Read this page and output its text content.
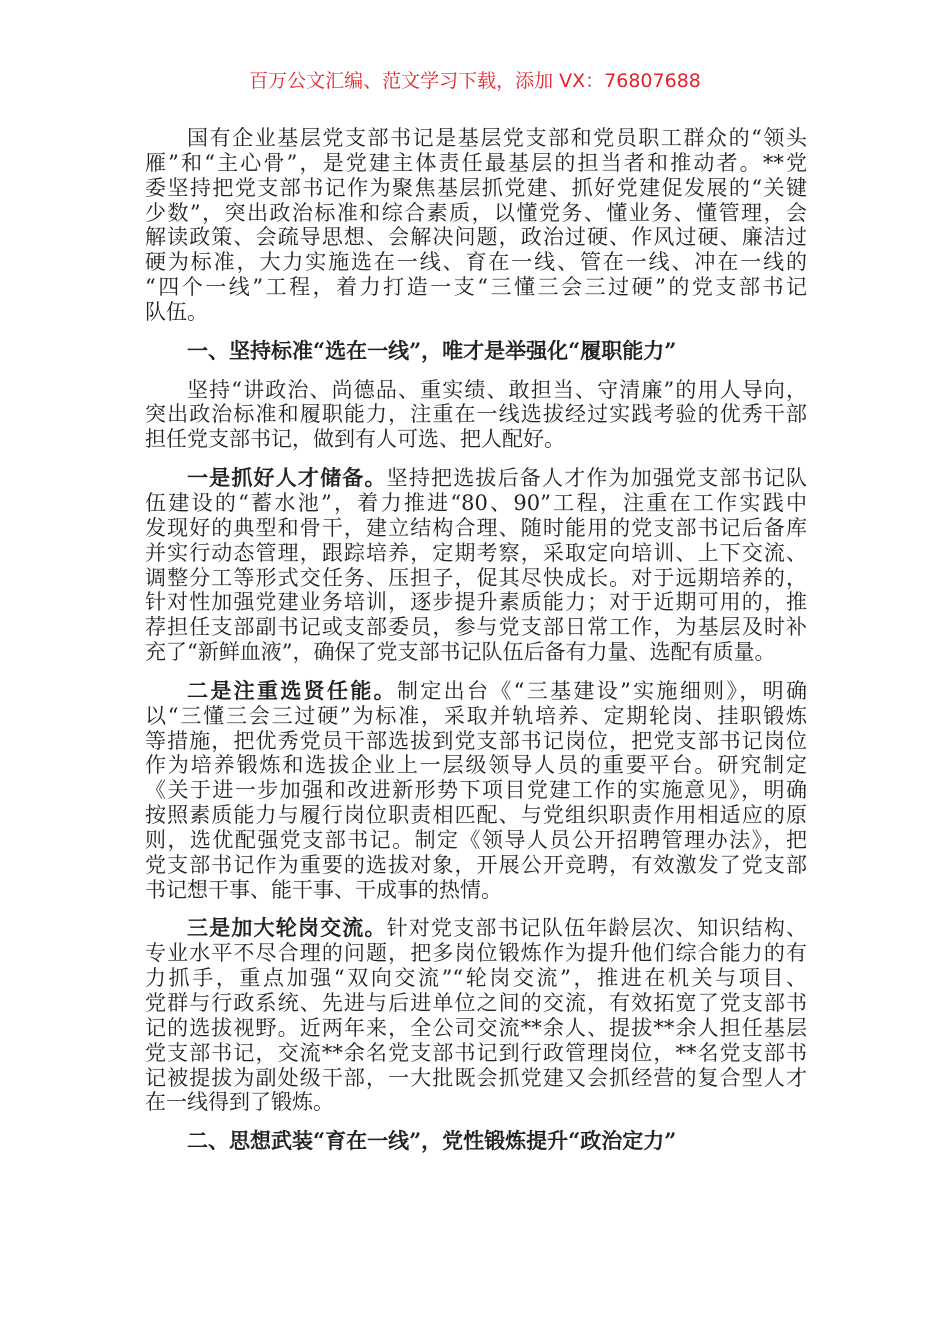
百万公文汇编、范文学习下载，添加 VX：76807688
国有企业基层党支部书记是基层党支部和党员职工群众的“领头
雁”和“主心骨”，是党建主体责任最基层的担当者和推动者。**党
委坚持把党支部书记作为聚焦基层抓党建、抓好党建促发展的“关键
少数”，突出政治标准和综合素质，以懂党务、懂业务、懂管理，会
解读政策、会疏导思想、会解决问题，政治过硬、作风过硬、廉洁过
硬为标准，大力实施选在一线、育在一线、管在一线、冲在一线的
“四个一线”工程，着力打造一支“三懂三会三过硬”的党支部书记
队伍。
一、坚持标准“选在一线”，唯才是举强化“履职能力”
坚持“讲政治、尚德品、重实绩、敢担当、守清廉”的用人导向，
突出政治标准和履职能力，注重在一线选拔经过实践考验的优秀干部
担任党支部书记，做到有人可选、把人配好。
一是抓好人才储备。坚持把选拔后备人才作为加强党支部书记队
伍建设的“蓄水池”，着力推进“80、90”工程，注重在工作实践中
发现好的典型和骨干，建立结构合理、随时能用的党支部书记后备库
并实行动态管理，跟踪培养，定期考察，采取定向培训、上下交流、
调整分工等形式交任务、压担子，促其尽快成长。对于远期培养的，
针对性加强党建业务培训，逐步提升素质能力；对于近期可用的，推
荐担任支部副书记或支部委员，参与党支部日常工作，为基层及时补
充了“新鲜血液”，确保了党支部书记队伍后备有力量、选配有质量。
二是注重选贤任能。制定出台《“三基建设”实施细则》，明确
以“三懂三会三过硬”为标准，采取并轨培养、定期轮岗、挂职锻炼
等措施，把优秀党员干部选拔到党支部书记岗位，把党支部书记岗位
作为培养锻炼和选拔企业上一层级领导人员的重要平台。研究制定
《关于进一步加强和改进新形势下项目党建工作的实施意见》，明确
按照素质能力与履行岗位职责相匹配、与党组织职责作用相适应的原
则，选优配强党支部书记。制定《领导人员公开招聘管理办法》，把
党支部书记作为重要的选拔对象，开展公开竞聘，有效激发了党支部
书记想干事、能干事、干成事的热情。
三是加大轮岗交流。针对党支部书记队伍年龄层次、知识结构、
专业水平不尽合理的问题，把多岗位锻炼作为提升他们综合能力的有
力抓手，重点加强“双向交流”“轮岗交流”，推进在机关与项目、
党群与行政系统、先进与后进单位之间的交流，有效拓宽了党支部书
记的选拔视野。近两年来，全公司交流**余人、提拔**余人担任基层
党支部书记，交流**余名党支部书记到行政管理岗位，**名党支部书
记被提拔为副处级干部，一大批既会抓党建又会抓经营的复合型人才
在一线得到了锻炼。
二、思想武装“育在一线”，党性锻炼提升“政治定力”
